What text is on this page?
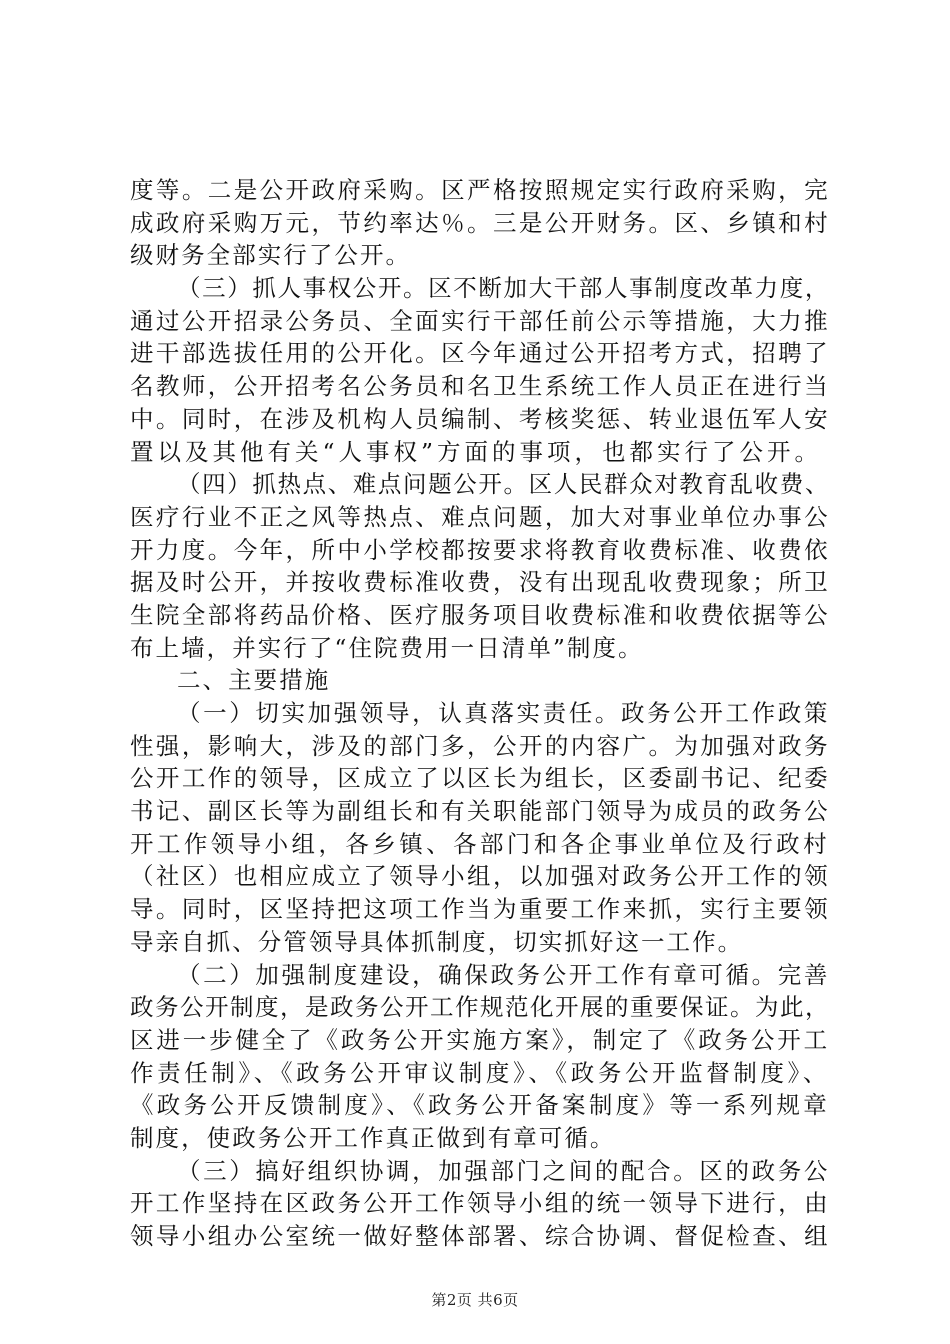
度等。二是公开政府采购。区严格按照规定实行政府采购，完
成政府采购万元，节约率达％。三是公开财务。区、乡镇和村
级财务全部实行了公开。
（三）抓人事权公开。区不断加大干部人事制度改革力度，
通过公开招录公务员、全面实行干部任前公示等措施，大力推
进干部选拔任用的公开化。区今年通过公开招考方式，招聘了
名教师，公开招考名公务员和名卫生系统工作人员正在进行当
中。同时，在涉及机构人员编制、考核奖惩、转业退伍军人安
置以及其他有关“人事权”方面的事项，也都实行了公开。
（四）抓热点、难点问题公开。区人民群众对教育乱收费、
医疗行业不正之风等热点、难点问题，加大对事业单位办事公
开力度。今年，所中小学校都按要求将教育收费标准、收费依
据及时公开，并按收费标准收费，没有出现乱收费现象；所卫
生院全部将药品价格、医疗服务项目收费标准和收费依据等公
布上墙，并实行了“住院费用一日清单”制度。
二、主要措施
（一）切实加强领导，认真落实责任。政务公开工作政策
性强，影响大，涉及的部门多，公开的内容广。为加强对政务
公开工作的领导，区成立了以区长为组长，区委副书记、纪委
书记、副区长等为副组长和有关职能部门领导为成员的政务公
开工作领导小组，各乡镇、各部门和各企事业单位及行政村
（社区）也相应成立了领导小组，以加强对政务公开工作的领
导。同时，区坚持把这项工作当为重要工作来抓，实行主要领
导亲自抓、分管领导具体抓制度，切实抓好这一工作。
（二）加强制度建设，确保政务公开工作有章可循。完善
政务公开制度，是政务公开工作规范化开展的重要保证。为此，
区进一步健全了《政务公开实施方案》，制定了《政务公开工
作责任制》、《政务公开审议制度》、《政务公开监督制度》、
《政务公开反馈制度》、《政务公开备案制度》等一系列规章
制度，使政务公开工作真正做到有章可循。
（三）搞好组织协调，加强部门之间的配合。区的政务公
开工作坚持在区政务公开工作领导小组的统一领导下进行，由
领导小组办公室统一做好整体部署、综合协调、督促检查、组
第2页 共6页
